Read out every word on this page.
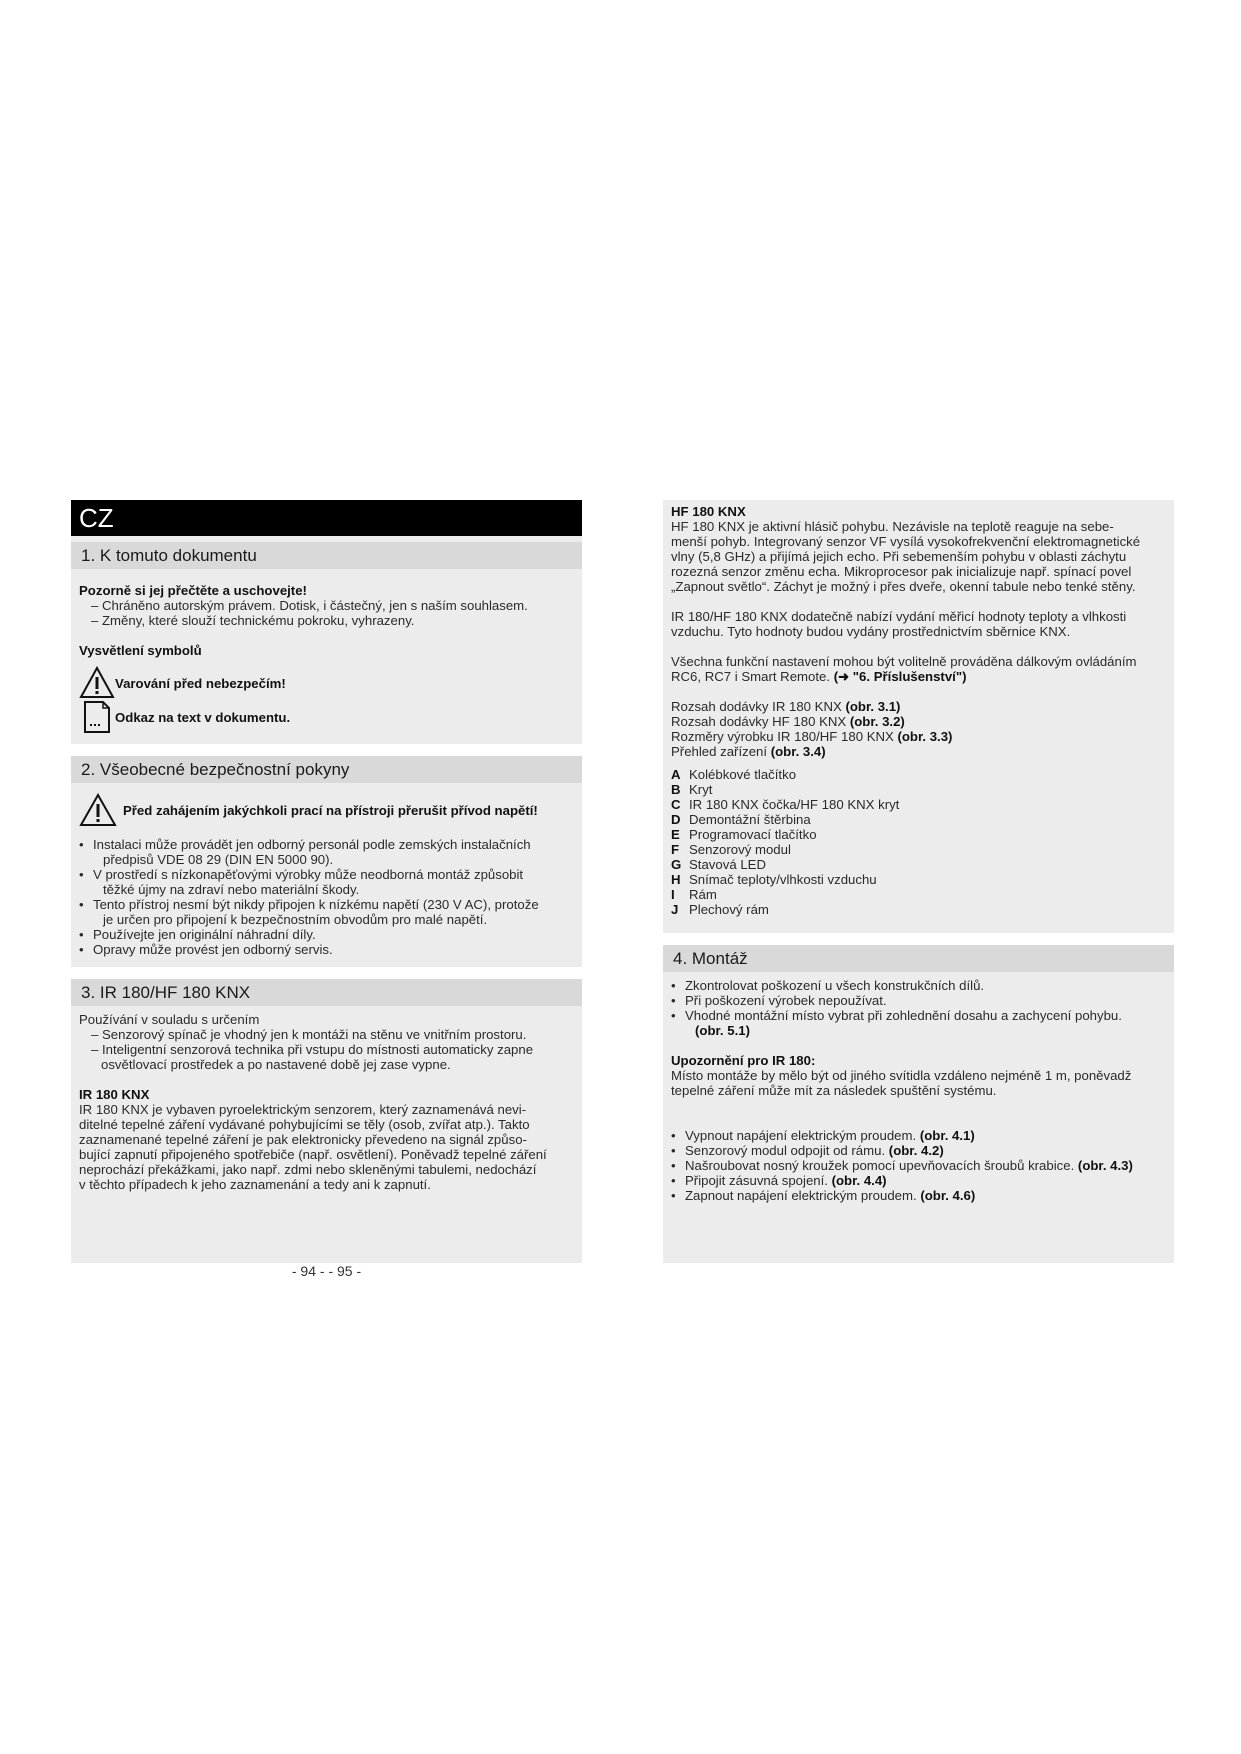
CZ
1. K tomuto dokumentu

Pozorně si jej přečtěte a uschovejte!

– Chráněno autorským právem. Dotisk, i částečný, jen s naším souhlasem.

– Změny, které slouží technickému pokroku, vyhrazeny.

Vysvětlení symbolů

Varování před nebezpečím!
Odkaz na text v dokumentu.
2. Všeobecné bezpečnostní pokyny
Před zahájením jakýchkoli prací na přístroji přerušit přívod napětí!
• Instalaci může provádět jen odborný personál podle zemských instalačních
předpisů VDE 08 29 (DIN EN 5000 90).
• V prostředí s nízkonapěťovými výrobky může neodborná montáž způsobit
těžké újmy na zdraví nebo materiální škody.
• Tento přístroj nesmí být nikdy připojen k nízkému napětí (230 V AC), protože
je určen pro připojení k bezpečnostním obvodům pro malé napětí.
• Používejte jen originální náhradní díly.
• Opravy může provést jen odborný servis.
3. IR 180/HF 180 KNX

Používání v souladu s určením

– Senzorový spínač je vhodný jen k montáži na stěnu ve vnitřním prostoru.

– Inteligentní senzorová technika při vstupu do místnosti automaticky zapne

osvětlovací prostředek a po nastavené době jej zase vypne.

IR 180 KNX

IR 180 KNX je vybaven pyroelektrickým senzorem, který zaznamenává nevi-

ditelné tepelné záření vydávané pohybujícími se těly (osob, zvířat atp.). Takto

zaznamenané tepelné záření je pak elektronicky převedeno na signál způso-

bující zapnutí připojeného spotřebiče (např. osvětlení). Poněvadž tepelné záření

neprochází překážkami, jako např. zdmi nebo skleněnými tabulemi, nedochází

v těchto případech k jeho zaznamenání a tedy ani k zapnutí.

HF 180 KNX

HF 180 KNX je aktivní hlásič pohybu. Nezávisle na teplotě reaguje na sebe-

menší pohyb. Integrovaný senzor VF vysílá vysokofrekvenční elektromagnetické

vlny (5,8 GHz) a přijímá jejich echo. Při sebemenším pohybu v oblasti záchytu

rozezná senzor změnu echa. Mikroprocesor pak inicializuje např. spínací povel

„Zapnout světlo“. Záchyt je možný i přes dveře, okenní tabule nebo tenké stěny.

IR 180/HF 180 KNX dodatečně nabízí vydání měřicí hodnoty teploty a vlhkosti

vzduchu. Tyto hodnoty budou vydány prostřednictvím sběrnice KNX.

Všechna funkční nastavení mohou být volitelně prováděna dálkovým ovládáním

RC6, RC7 i Smart Remote. (➜ "6. Příslušenství")

Rozsah dodávky IR 180 KNX (obr. 3.1)

Rozsah dodávky HF 180 KNX (obr. 3.2)

Rozměry výrobku IR 180/HF 180 KNX (obr. 3.3)

Přehled zařízení (obr. 3.4)

A Kolébkové tlačítko
B Kryt
C IR 180 KNX čočka/HF 180 KNX kryt
D Demontážní štěrbina
E Programovací tlačítko
F Senzorový modul
G Stavová LED
H Snímač teploty/vlhkosti vzduchu
I	Rám
J Plechový rám
4. Montáž
• Zkontrolovat poškození u všech konstrukčních dílů.
• Při poškození výrobek nepoužívat.
• Vhodné montážní místo vybrat při zohlednění dosahu a zachycení pohybu.
(obr. 5.1)

Upozornění pro IR 180:

Místo montáže by mělo být od jiného svítidla vzdáleno nejméně 1 m, poněvadž

tepelné záření může mít za následek spuštění systému.

• Vypnout napájení elektrickým proudem. (obr. 4.1)
• Senzorový modul odpojit od rámu. (obr. 4.2)
• Našroubovat nosný kroužek pomocí upevňovacích šroubů krabice. (obr. 4.3)
• Připojit zásuvná spojení. (obr. 4.4)
• Zapnout napájení elektrickým proudem. (obr. 4.6)
- 94 - - 95 -
